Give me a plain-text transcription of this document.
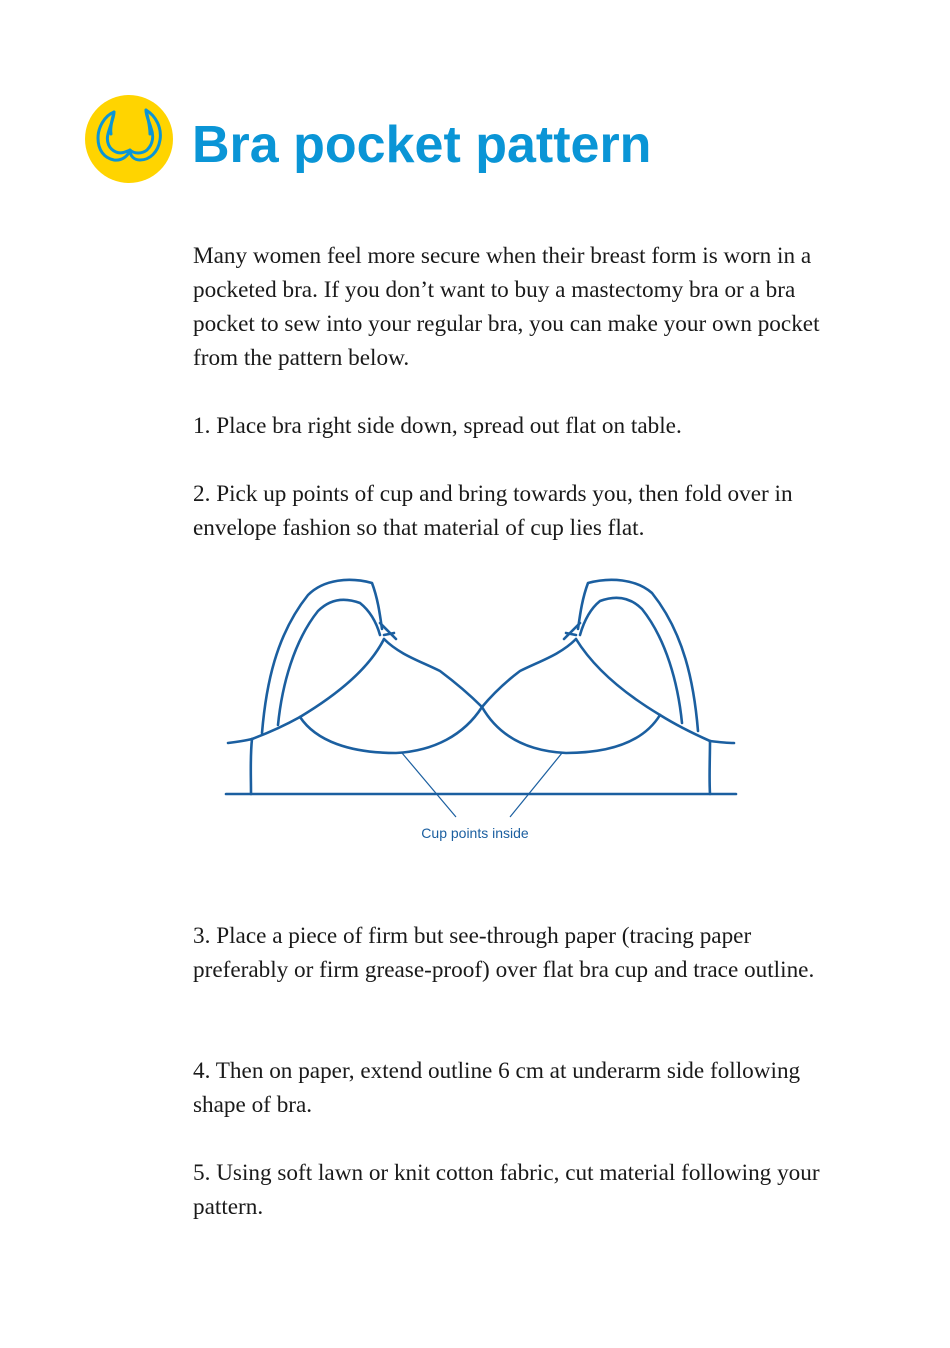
Bra pocket pattern

Many women feel more secure when their breast form is worn in a pocketed bra. If you don’t want to buy a mastectomy bra or a bra pocket to sew into your regular bra, you can make your own pocket from the pattern below.

1. Place bra right side down, spread out flat on table.

2. Pick up points of cup and bring towards you, then fold over in envelope fashion so that material of cup lies flat.

Cup points inside

3. Place a piece of firm but see-through paper (tracing paper preferably or firm grease-proof) over flat bra cup and trace outline.

4. Then on paper, extend outline 6 cm at underarm side following shape of bra.

5. Using soft lawn or knit cotton fabric, cut material following your pattern.
